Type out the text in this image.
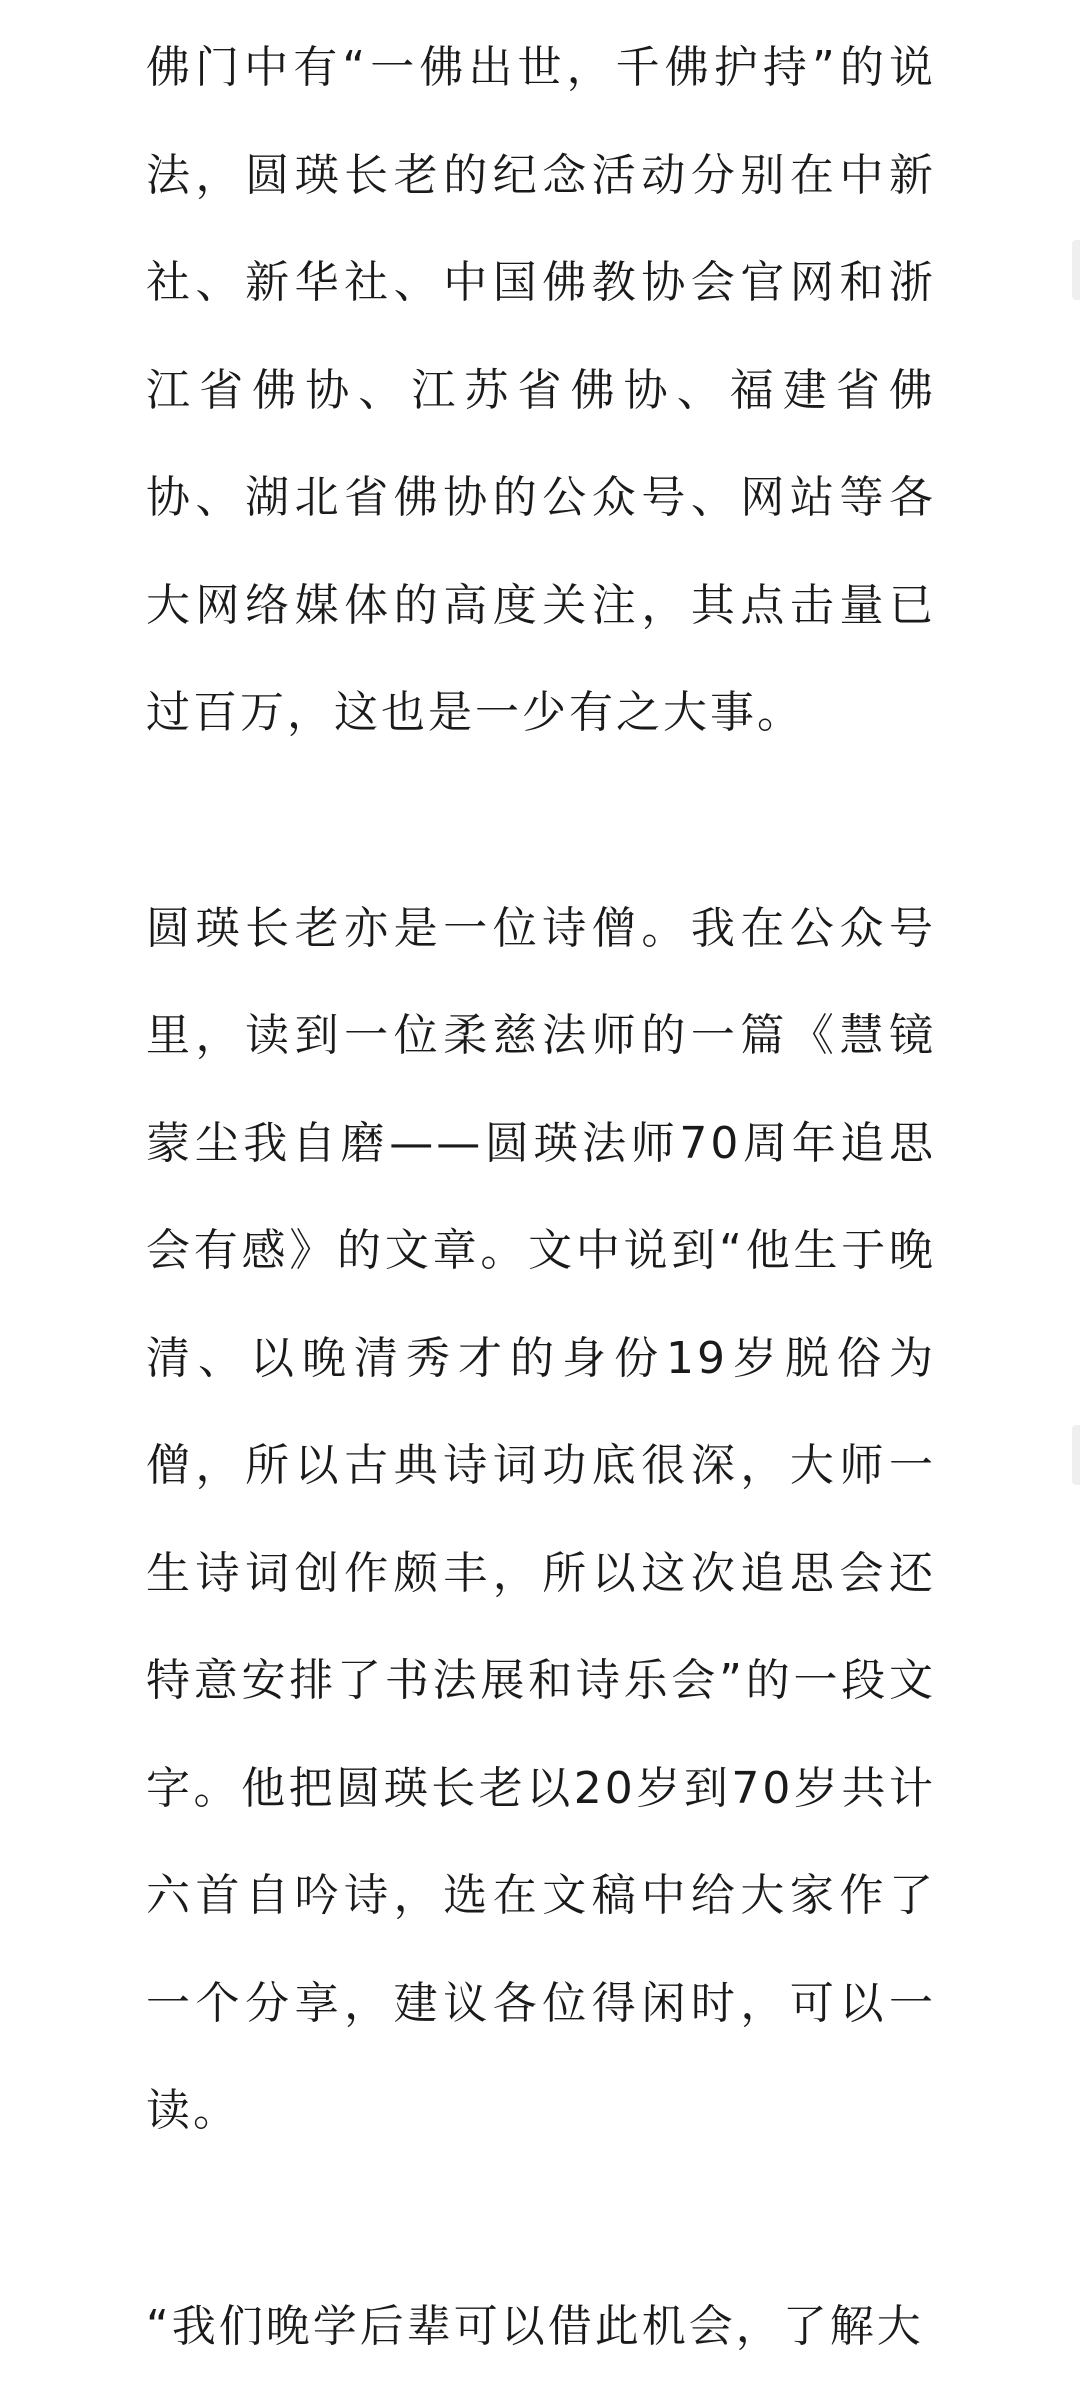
佛门中有“一佛出世，千佛护持”的说法，圆瑛长老的纪念活动分别在中新社、新华社、中国佛教协会官网和浙江省佛协、江苏省佛协、福建省佛协、湖北省佛协的公众号、网站等各大网络媒体的高度关注，其点击量已过百万，这也是一少有之大事。

圆瑛长老亦是一位诗僧。我在公众号里，读到一位柔慈法师的一篇《慧镜蒙尘我自磨——圆瑛法师70周年追思会有感》的文章。文中说到“他生于晚清、以晚清秀才的身份19岁脱俗为僧，所以古典诗词功底很深，大师一生诗词创作颇丰，所以这次追思会还特意安排了书法展和诗乐会”的一段文字。他把圆瑛长老以20岁到70岁共计六首自吟诗，选在文稿中给大家作了一个分享，建议各位得闲时，可以一读。

“我们晚学后辈可以借此机会，了解大
